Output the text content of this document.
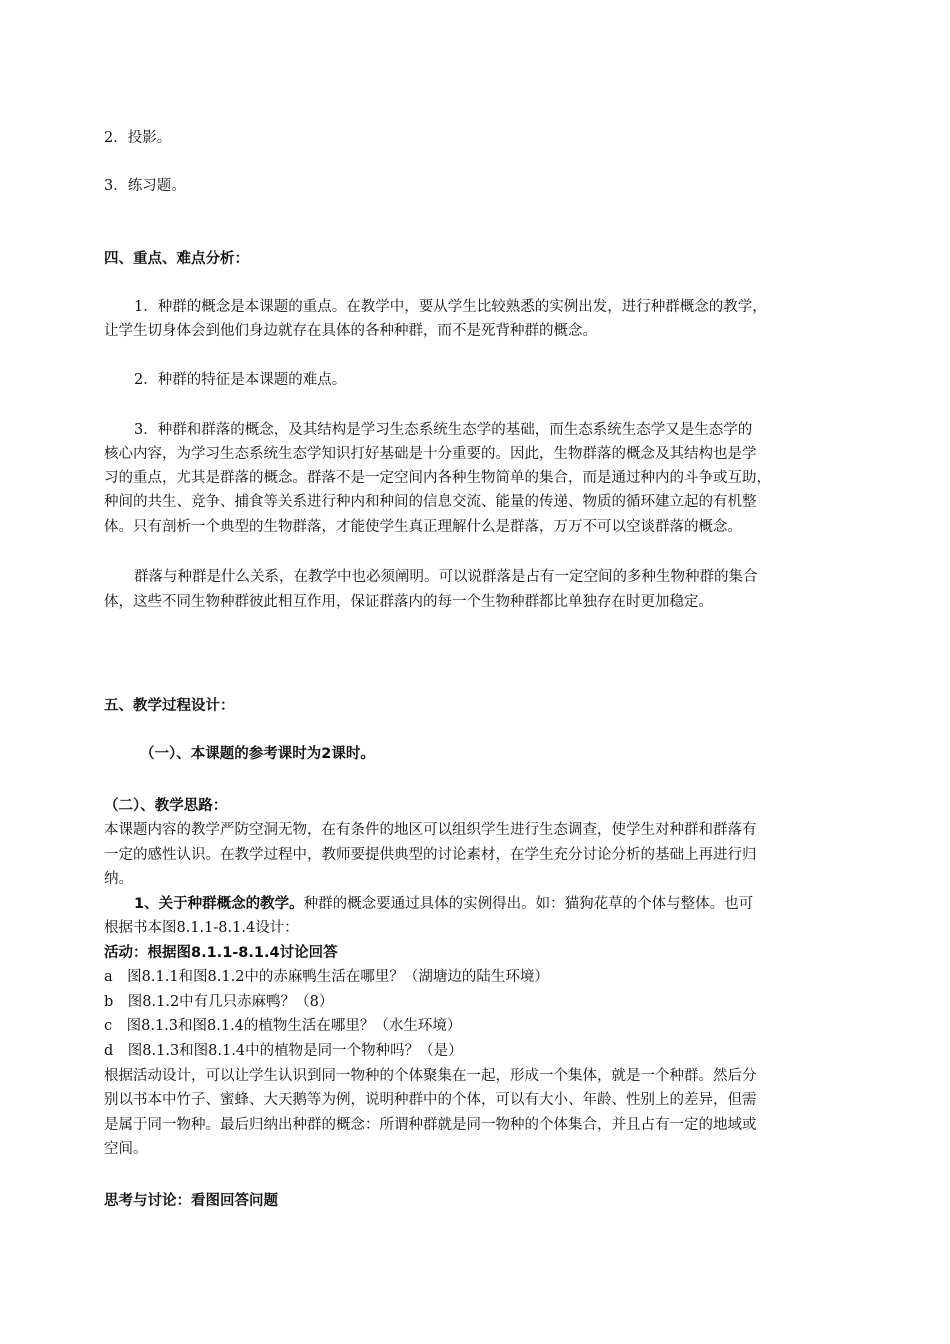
2．投影。
3．练习题。
四、重点、难点分析：
1．种群的概念是本课题的重点。在教学中，要从学生比较熟悉的实例出发，进行种群概念的教学，
让学生切身体会到他们身边就存在具体的各种种群，而不是死背种群的概念。
2．种群的特征是本课题的难点。
3．种群和群落的概念，及其结构是学习生态系统生态学的基础，而生态系统生态学又是生态学的
核心内容，为学习生态系统生态学知识打好基础是十分重要的。因此，生物群落的概念及其结构也是学
习的重点，尤其是群落的概念。群落不是一定空间内各种生物简单的集合，而是通过种内的斗争或互助，
种间的共生、竞争、捕食等关系进行种内和种间的信息交流、能量的传递、物质的循环建立起的有机整
体。只有剖析一个典型的生物群落，才能使学生真正理解什么是群落，万万不可以空谈群落的概念。
群落与种群是什么关系，在教学中也必须阐明。可以说群落是占有一定空间的多种生物种群的集合
体，这些不同生物种群彼此相互作用，保证群落内的每一个生物种群都比单独存在时更加稳定。
五、教学过程设计：
（一）、本课题的参考课时为2课时。
（二）、教学思路：
本课题内容的教学严防空洞无物，在有条件的地区可以组织学生进行生态调查，使学生对种群和群落有
一定的感性认识。在教学过程中，教师要提供典型的讨论素材，在学生充分讨论分析的基础上再进行归
纳。
1、关于种群概念的教学。种群的概念要通过具体的实例得出。如：猫狗花草的个体与整体。也可
根据书本图8.1.1-8.1.4设计：
活动：根据图8.1.1-8.1.4讨论回答
a　图8.1.1和图8.1.2中的赤麻鸭生活在哪里？（湖塘边的陆生环境）
b　图8.1.2中有几只赤麻鸭？（8）
c　图8.1.3和图8.1.4的植物生活在哪里？（水生环境）
d　图8.1.3和图8.1.4中的植物是同一个物种吗？（是）
根据活动设计，可以让学生认识到同一物种的个体聚集在一起，形成一个集体，就是一个种群。然后分
别以书本中竹子、蜜蜂、大天鹅等为例，说明种群中的个体，可以有大小、年龄、性别上的差异，但需
是属于同一物种。最后归纳出种群的概念：所谓种群就是同一物种的个体集合，并且占有一定的地域或
空间。
思考与讨论：看图回答问题
